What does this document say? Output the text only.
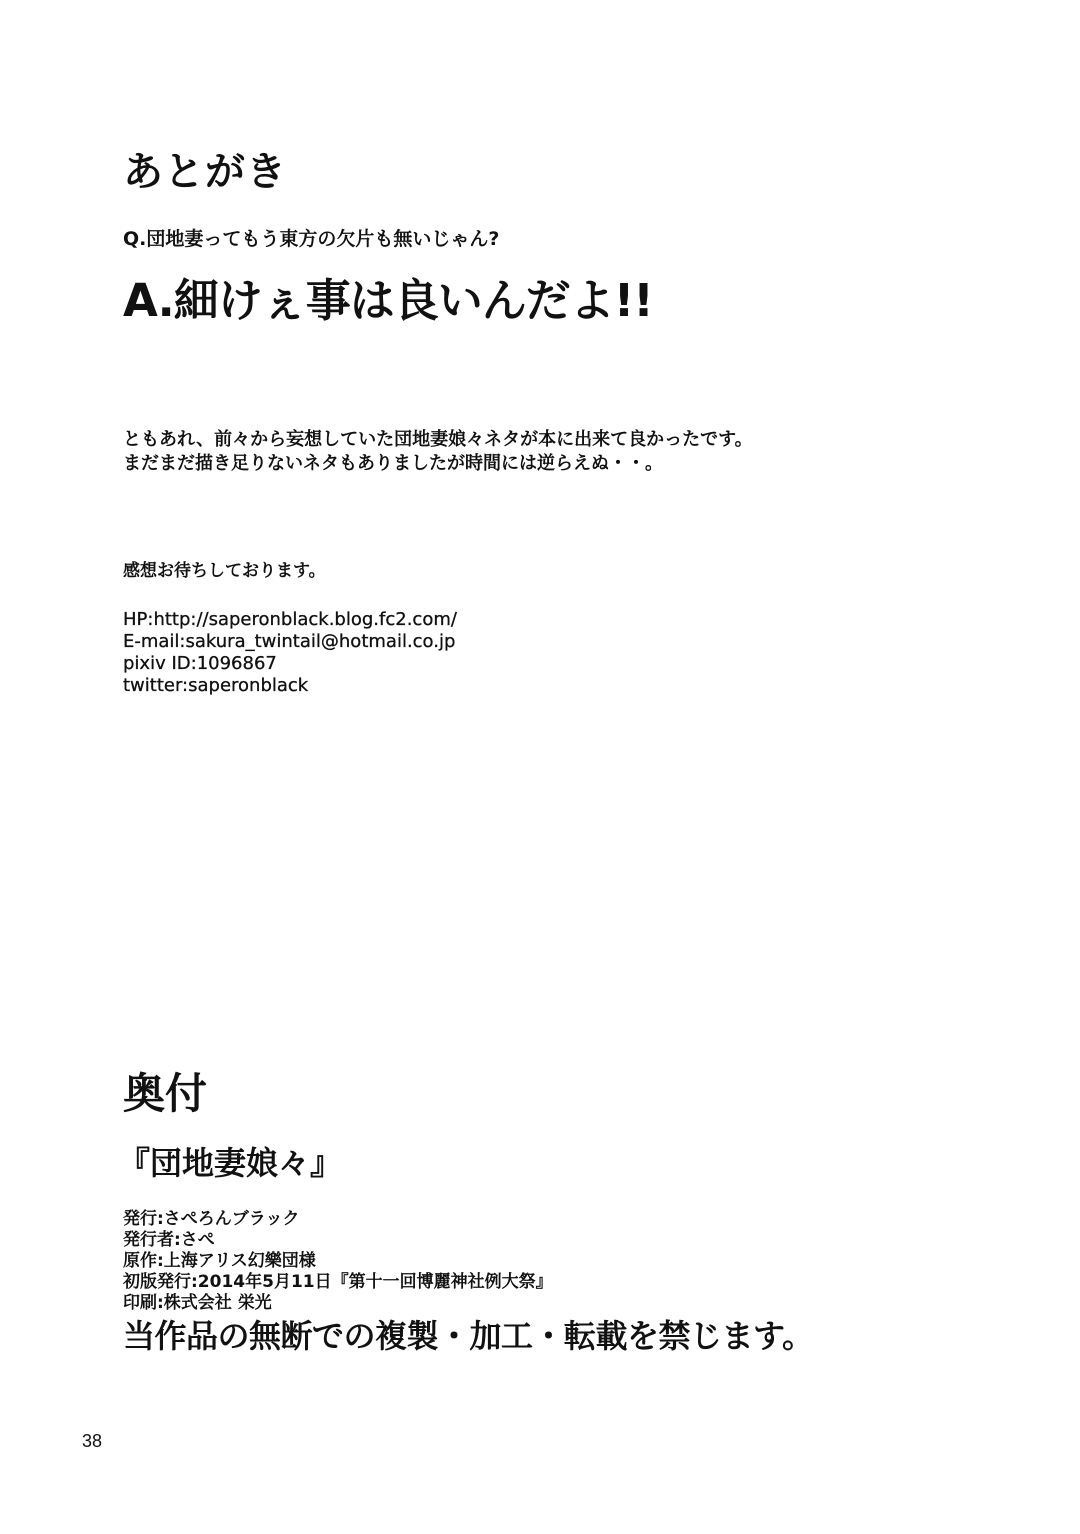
あとがき
Q.団地妻ってもう東方の欠片も無いじゃん?
A.細けぇ事は良いんだよ!!
ともあれ、前々から妄想していた団地妻娘々ネタが本に出来て良かったです。
まだまだ描き足りないネタもありましたが時間には逆らえぬ・・。
感想お待ちしております。
HP:http://saperonblack.blog.fc2.com/
E-mail:sakura_twintail@hotmail.co.jp
pixiv ID:1096867
twitter:saperonblack
奥付
『団地妻娘々』
発行:さぺろんブラック
発行者:さぺ
原作:上海アリス幻樂団様
初版発行:2014年5月11日『第十一回博麗神社例大祭』
印刷:株式会社 栄光
当作品の無断での複製・加工・転載を禁じます。
38
